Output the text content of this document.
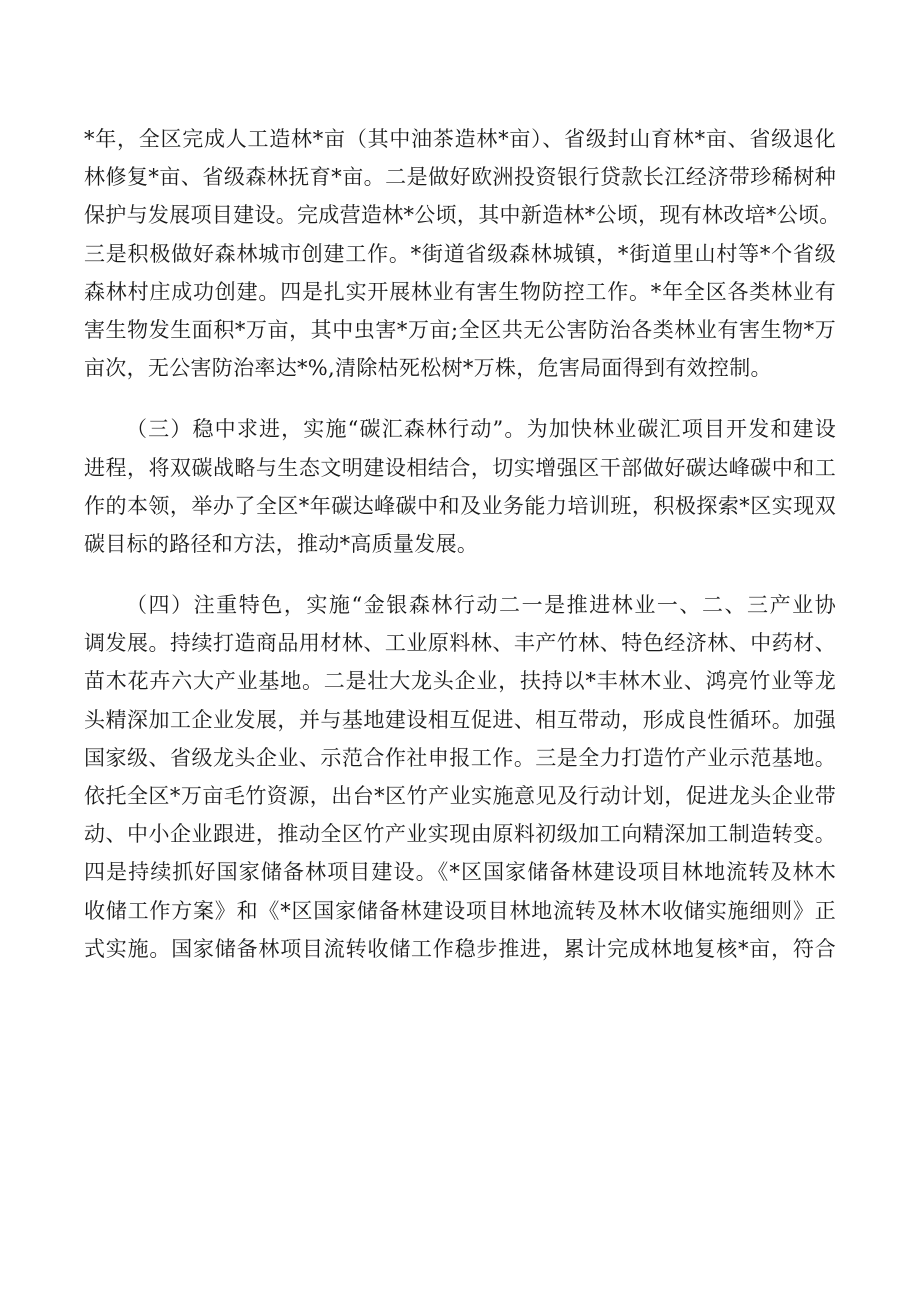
*年，全区完成人工造林*亩（其中油茶造林*亩）、省级封山育林*亩、省级退化
林修复*亩、省级森林抚育*亩。二是做好欧洲投资银行贷款长江经济带珍稀树种
保护与发展项目建设。完成营造林*公顷，其中新造林*公顷，现有林改培*公顷。
三是积极做好森林城市创建工作。*街道省级森林城镇，*街道里山村等*个省级
森林村庄成功创建。四是扎实开展林业有害生物防控工作。*年全区各类林业有
害生物发生面积*万亩，其中虫害*万亩;全区共无公害防治各类林业有害生物*万
亩次，无公害防治率达*%,清除枯死松树*万株，危害局面得到有效控制。
（三）稳中求进，实施“碳汇森林行动”。为加快林业碳汇项目开发和建设
进程，将双碳战略与生态文明建设相结合，切实增强区干部做好碳达峰碳中和工
作的本领，举办了全区*年碳达峰碳中和及业务能力培训班，积极探索*区实现双
碳目标的路径和方法，推动*高质量发展。
（四）注重特色，实施“金银森林行动二一是推进林业一、二、三产业协
调发展。持续打造商品用材林、工业原料林、丰产竹林、特色经济林、中药材、
苗木花卉六大产业基地。二是壮大龙头企业，扶持以*丰林木业、鸿亮竹业等龙
头精深加工企业发展，并与基地建设相互促进、相互带动，形成良性循环。加强
国家级、省级龙头企业、示范合作社申报工作。三是全力打造竹产业示范基地。
依托全区*万亩毛竹资源，出台*区竹产业实施意见及行动计划，促进龙头企业带
动、中小企业跟进，推动全区竹产业实现由原料初级加工向精深加工制造转变。
四是持续抓好国家储备林项目建设。《*区国家储备林建设项目林地流转及林木
收储工作方案》和《*区国家储备林建设项目林地流转及林木收储实施细则》正
式实施。国家储备林项目流转收储工作稳步推进，累计完成林地复核*亩，符合
